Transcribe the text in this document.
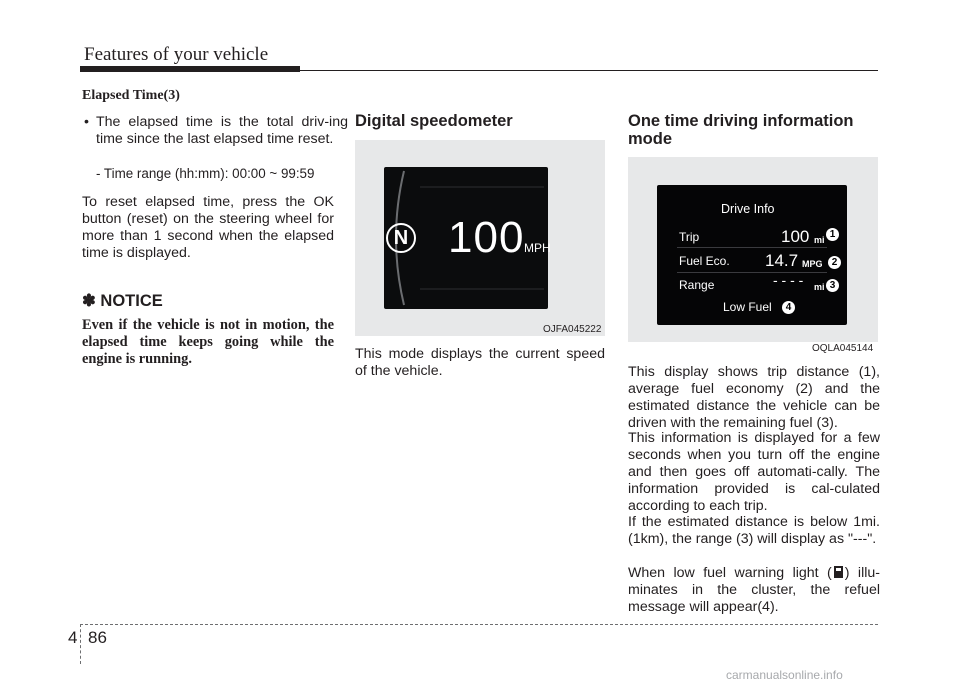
Features of your vehicle
Elapsed Time(3)
• The elapsed time is the total driv-ing time since the last elapsed time reset.
- Time range (hh:mm): 00:00 ~ 99:59
To reset elapsed time, press the OK button (reset) on the steering wheel for more than 1 second when the elapsed time is displayed.
✽ NOTICE
Even if the vehicle is not in motion, the elapsed time keeps going while the engine is running.
Digital speedometer
N 100 MPH
OJFA045222
This mode displays the current speed of the vehicle.
One time driving information mode
Drive Info
Trip	100 mi 1
Fuel Eco. 14.7 MPG 2
Range	- - - - mi 3
Low Fuel	4
OQLA045144
This display shows trip distance (1), average fuel economy (2) and the estimated distance the vehicle can be driven with the remaining fuel (3).
This information is displayed for a few seconds when you turn off the engine and then goes off automati-cally. The information provided is cal-culated according to each trip.
If the estimated distance is below 1mi. (1km), the range (3) will display as "---".
When low fuel warning light ( ) illu-minates in the cluster, the refuel message will appear(4).
4 86
carmanualsonline.info
